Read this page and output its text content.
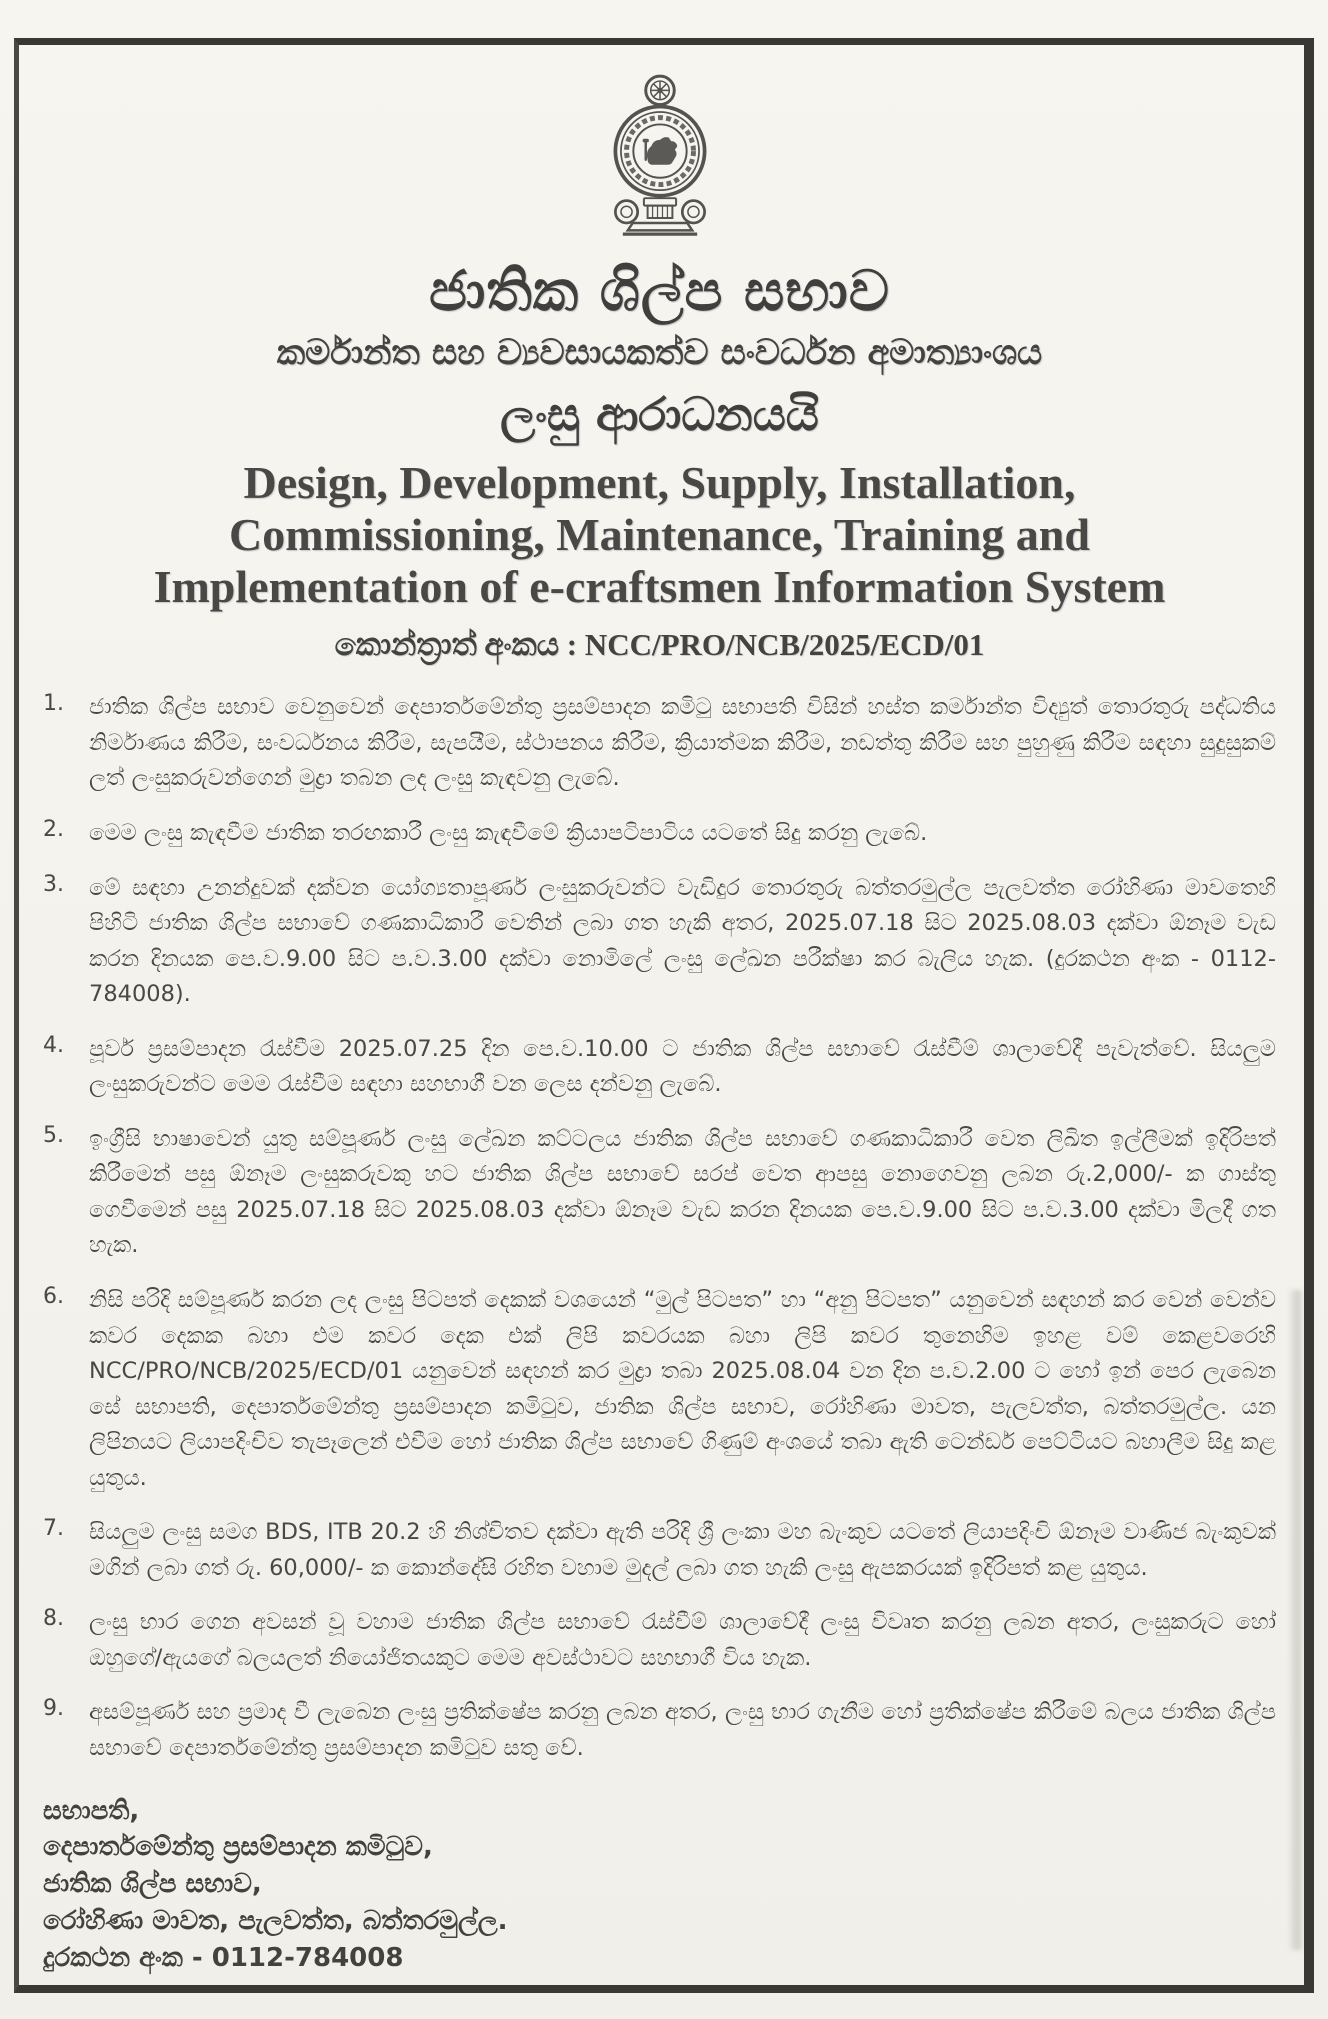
ජාතික ශිල්ප සභාව
කර්මාන්ත සහ ව්‍යවසායකත්ව සංවර්ධන අමාත්‍යාංශය
ලංසු ආරාධනයයි
Design, Development, Supply, Installation,
Commissioning, Maintenance, Training and
Implementation of e-craftsmen Information System
කොන්ත්‍රාත් අංකය : NCC/PRO/NCB/2025/ECD/01
1.	ජාතික ශිල්ප සභාව වෙනුවෙන් දෙපාර්තමේන්තු ප්‍රසම්පාදන කමිටු සභාපති විසින් හස්ත කර්මාන්ත විද්‍යුත් තොරතුරු පද්ධතිය නිර්මාණය කිරීම, සංවර්ධනය කිරීම, සැපයීම, ස්ථාපනය කිරීම, ක්‍රියාත්මක කිරීම, නඩත්තු කිරීම සහ පුහුණු කිරීම සඳහා සුදුසුකම් ලත් ලංසුකරුවන්ගෙන් මුද්‍රා තබන ලද ලංසු කැඳවනු ලැබේ.
2.	මෙම ලංසු කැඳවීම ජාතික තරඟකාරී ලංසු කැඳවීමේ ක්‍රියාපටිපාටිය යටතේ සිදු කරනු ලැබේ.
3.	මේ සඳහා උනන්දුවක් දක්වන යෝග්‍යතාපූර්ණ ලංසුකරුවන්ට වැඩිදුර තොරතුරු බත්තරමුල්ල පැලවත්ත රෝහිණා මාවතෙහි පිහිටි ජාතික ශිල්ප සභාවේ ගණකාධිකාරී වෙතින් ලබා ගත හැකි අතර, 2025.07.18 සිට 2025.08.03 දක්වා ඕනෑම වැඩ කරන දිනයක පෙ.ව.9.00 සිට ප.ව.3.00 දක්වා නොමිලේ ලංසු ලේඛන පරීක්ෂා කර බැලිය හැක. (දුරකථන අංක - 0112-784008).
4.	පූර්ව ප්‍රසම්පාදන රැස්වීම 2025.07.25 දින පෙ.ව.10.00 ට ජාතික ශිල්ප සභාවේ රැස්වීම් ශාලාවේදී පැවැත්වේ. සියලුම ලංසුකරුවන්ට මෙම රැස්වීම සඳහා සහභාගී වන ලෙස දන්වනු ලැබේ.
5.	ඉංග්‍රීසි භාෂාවෙන් යුතු සම්පූර්ණ ලංසු ලේඛන කට්ටලය ජාතික ශිල්ප සභාවේ ගණකාධිකාරී වෙත ලිඛිත ඉල්ලීමක් ඉදිරිපත් කිරීමෙන් පසු ඕනෑම ලංසුකරුවකු හට ජාතික ශිල්ප සභාවේ සරප් වෙත ආපසු නොගෙවනු ලබන රු.2,000/- ක ගාස්තු ගෙවීමෙන් පසු 2025.07.18 සිට 2025.08.03 දක්වා ඕනෑම වැඩ කරන දිනයක පෙ.ව.9.00 සිට ප.ව.3.00 දක්වා මිලදී ගත හැක.
6.	නිසි පරිදි සම්පූර්ණ කරන ලද ලංසු පිටපත් දෙකක් වශයෙන් “මුල් පිටපත” හා “අනු පිටපත” යනුවෙන් සඳහන් කර වෙන් වෙන්ව කවර දෙකක බහා එම කවර දෙක එක් ලිපි කවරයක බහා ලිපි කවර තුනෙහිම ඉහළ වම් කෙළවරෙහි NCC/PRO/NCB/2025/ECD/01 යනුවෙන් සඳහන් කර මුද්‍රා තබා 2025.08.04 වන දින ප.ව.2.00 ට හෝ ඉන් පෙර ලැබෙන සේ සභාපති, දෙපාර්තමේන්තු ප්‍රසම්පාදන කමිටුව, ජාතික ශිල්ප සභාව, රෝහිණා මාවත, පැලවත්ත, බත්තරමුල්ල. යන ලිපිනයට ලියාපදිංචිව තැපෑලෙන් එවීම හෝ ජාතික ශිල්ප සභාවේ ගිණුම් අංශයේ තබා ඇති ටෙන්ඩර් පෙට්ටියට බහාලීම සිදු කළ යුතුය.
7.	සියලුම ලංසු සමග BDS, ITB 20.2 හි නිශ්චිතව දක්වා ඇති පරිදි ශ්‍රී ලංකා මහ බැංකුව යටතේ ලියාපදිංචි ඕනෑම වාණිජ බැංකුවක් මගින් ලබා ගත් රු. 60,000/- ක කොන්දේසි රහිත වහාම මුදල් ලබා ගත හැකි ලංසු ඇපකරයක් ඉදිරිපත් කළ යුතුය.
8.	ලංසු භාර ගෙන අවසන් වූ වහාම ජාතික ශිල්ප සභාවේ රැස්වීම් ශාලාවේදී ලංසු විවෘත කරනු ලබන අතර, ලංසුකරුට හෝ ඔහුගේ/ඇයගේ බලයලත් නියෝජිතයකුට මෙම අවස්ථාවට සහභාගී විය හැක.
9.	අසම්පූර්ණ සහ ප්‍රමාද වී ලැබෙන ලංසු ප්‍රතික්ෂේප කරනු ලබන අතර, ලංසු භාර ගැනීම හෝ ප්‍රතික්ෂේප කිරීමේ බලය ජාතික ශිල්ප සභාවේ දෙපාර්තමේන්තු ප්‍රසම්පාදන කමිටුව සතු වේ.
සභාපති,
දෙපාර්තමේන්තු ප්‍රසම්පාදන කමිටුව,
ජාතික ශිල්ප සභාව,
රෝහිණා මාවත, පැලවත්ත, බත්තරමුල්ල.
දුරකථන අංක - 0112-784008
